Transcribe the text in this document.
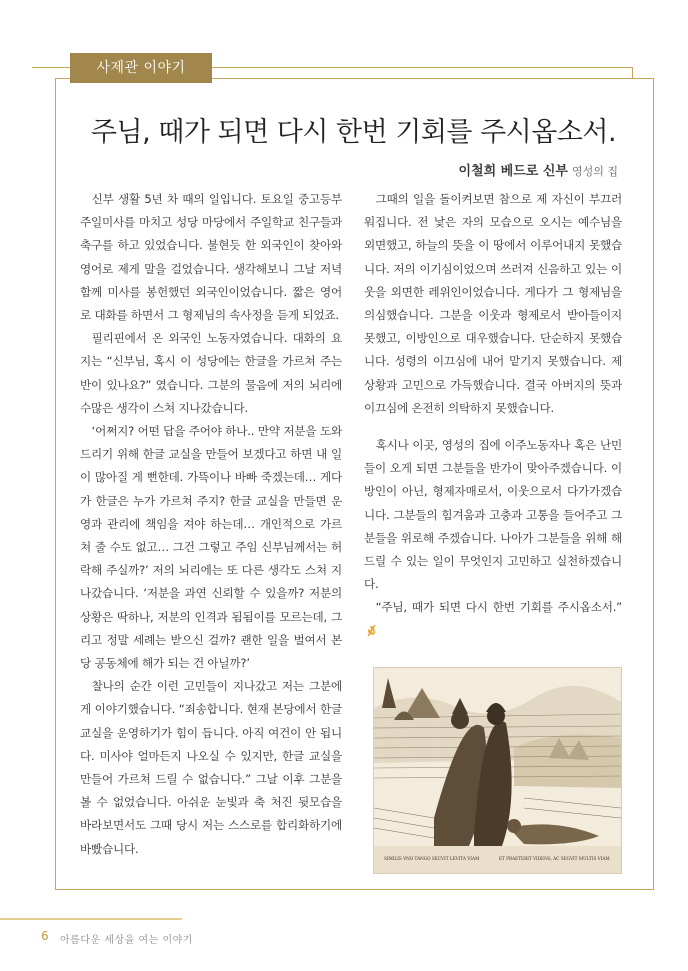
사제관 이야기
주님, 때가 되면 다시 한번 기회를 주시옵소서.
이철희 베드로 신부 영성의 집

신부 생활 5년 차 때의 일입니다. 토요일 중고등부 주일미사를 마치고 성당 마당에서 주일학교 친구들과 축구를 하고 있었습니다. 불현듯 한 외국인이 찾아와 영어로 제게 말을 걸었습니다. 생각해보니 그날 저녁 함께 미사를 봉헌했던 외국인이었습니다. 짧은 영어로 대화를 하면서 그 형제님의 속사정을 듣게 되었죠.

필리핀에서 온 외국인 노동자였습니다. 대화의 요지는 “신부님, 혹시 이 성당에는 한글을 가르쳐 주는 반이 있나요?” 였습니다. 그분의 물음에 저의 뇌리에 수많은 생각이 스쳐 지나갔습니다.

‘어쩌지? 어떤 답을 주어야 하나.. 만약 저분을 도와드리기 위해 한글 교실을 만들어 보겠다고 하면 내 일이 많아질 게 뻔한데. 가뜩이나 바빠 죽겠는데… 게다가 한글은 누가 가르쳐 주지? 한글 교실을 만들면 운영과 관리에 책임을 져야 하는데… 개인적으로 가르쳐 줄 수도 없고… 그건 그렇고 주임 신부님께서는 허락해 주실까?’ 저의 뇌리에는 또 다른 생각도 스쳐 지나갔습니다. ‘저분을 과연 신뢰할 수 있을까? 저분의 상황은 딱하나, 저분의 인격과 됨됨이를 모르는데, 그리고 정말 세례는 받으신 걸까? 괜한 일을 벌여서 본당 공동체에 해가 되는 건 아닐까?’

찰나의 순간 이런 고민들이 지나갔고 저는 그분에게 이야기했습니다. “죄송합니다. 현재 본당에서 한글 교실을 운영하기가 힘이 듭니다. 아직 여건이 안 됩니다. 미사야 얼마든지 나오실 수 있지만, 한글 교실을 만들어 가르쳐 드릴 수 없습니다.” 그날 이후 그분을 볼 수 없었습니다. 아쉬운 눈빛과 축 처진 뒷모습을 바라보면서도 그때 당시 저는 스스로를 합리화하기에 바빴습니다.

그때의 일을 돌이켜보면 참으로 제 자신이 부끄러워집니다. 전 낯은 자의 모습으로 오시는 예수님을 외면했고, 하늘의 뜻을 이 땅에서 이루어내지 못했습니다. 저의 이기심이었으며 쓰러져 신음하고 있는 이웃을 외면한 레위인이었습니다. 게다가 그 형제님을 의심했습니다. 그분을 이웃과 형제로서 받아들이지 못했고, 이방인으로 대우했습니다. 단순하지 못했습니다. 성령의 이끄심에 내어 맡기지 못했습니다. 제 상황과 고민으로 가득했습니다. 결국 아버지의 뜻과 이끄심에 온전히 의탁하지 못했습니다.

혹시나 이곳, 영성의 집에 이주노동자나 혹은 난민들이 오게 되면 그분들을 반가이 맞아주겠습니다. 이방인이 아닌, 형제자매로서, 이웃으로서 다가가겠습니다. 그분들의 힘겨움과 고충과 고통을 들어주고 그분들을 위로해 주겠습니다. 나아가 그분들을 위해 해드릴 수 있는 일이 무엇인지 고민하고 실천하겠습니다.

“주님, 때가 되면 다시 한번 기회를 주시옵소서.”

SIMILIS VNO TANGO SECVIT LEVITA VIAM	ET PRAETERIT VIDENS, AC SEGVIT MULTIS VIAM
6 아름다운 세상을 여는 이야기
